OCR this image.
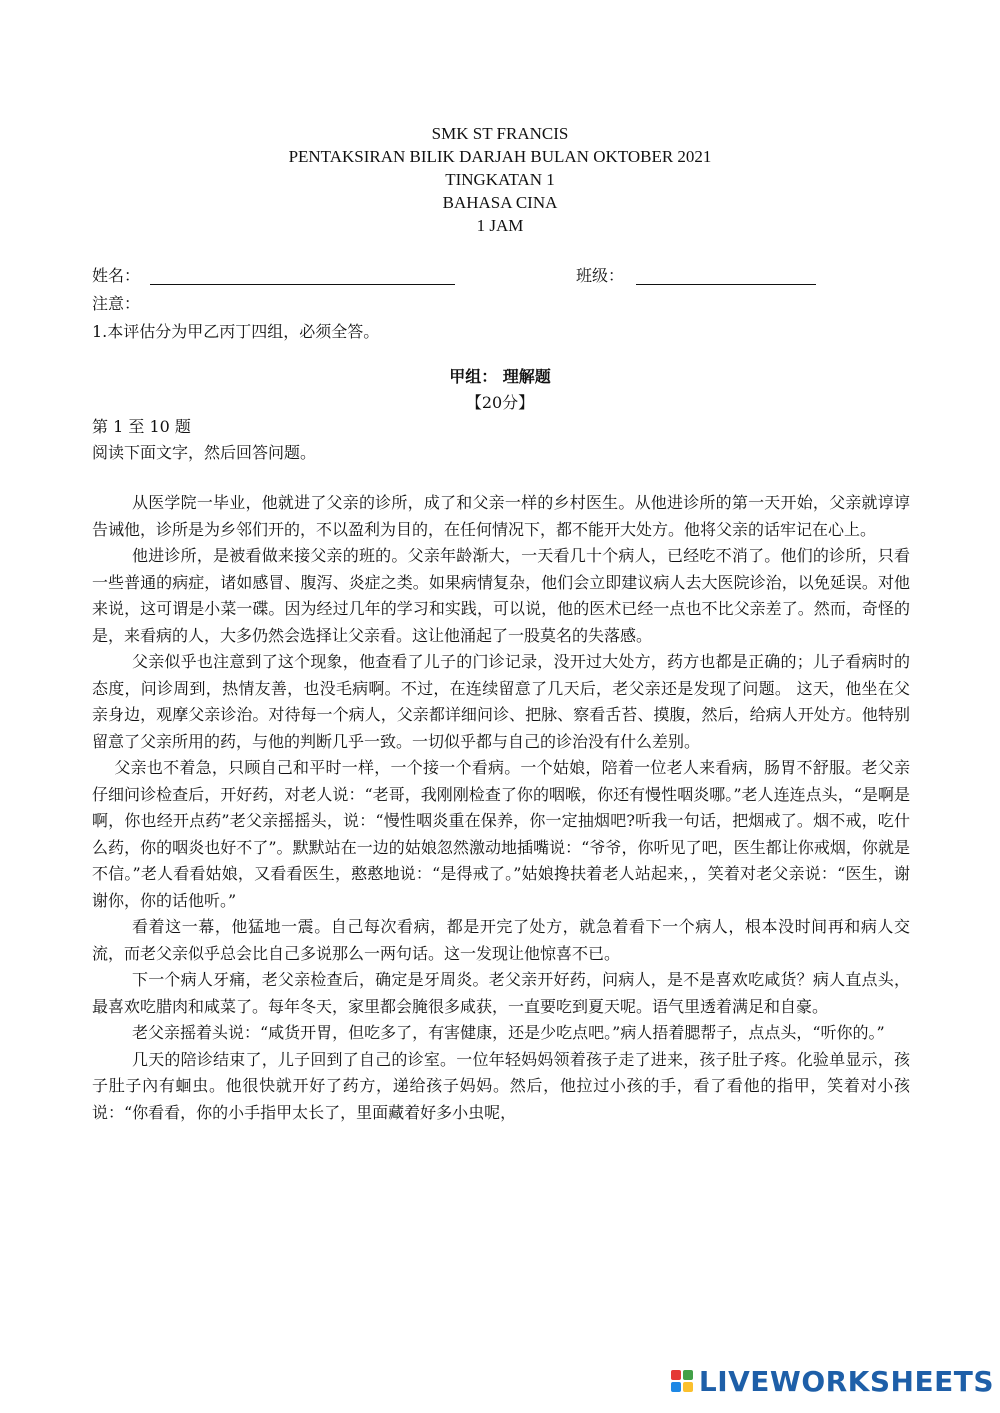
SMK ST FRANCIS
PENTAKSIRAN BILIK DARJAH BULAN OKTOBER 2021
TINGKATAN 1
BAHASA CINA
1 JAM
姓名：	班级：
注意：
1.本评估分为甲乙丙丁四组，必须全答。
甲组： 理解题
【20分】
第 1 至 10 题
阅读下面文字，然后回答问题。

从医学院一毕业，他就进了父亲的诊所，成了和父亲一样的乡村医生。从他进诊所的第一天开始，父亲就谆谆告诫他，诊所是为乡邻们开的，不以盈利为目的，在任何情况下，都不能开大处方。他将父亲的话牢记在心上。

他进诊所，是被看做来接父亲的班的。父亲年龄渐大，一天看几十个病人，已经吃不消了。他们的诊所，只看一些普通的病症，诸如感冒、腹泻、炎症之类。如果病情复杂，他们会立即建议病人去大医院诊治，以免延误。对他来说，这可谓是小菜一碟。因为经过几年的学习和实践，可以说，他的医术已经一点也不比父亲差了。然而，奇怪的是，来看病的人，大多仍然会选择让父亲看。这让他涌起了一股莫名的失落感。

父亲似乎也注意到了这个现象，他查看了儿子的门诊记录，没开过大处方，药方也都是正确的；儿子看病时的态度，问诊周到，热情友善，也没毛病啊。不过，在连续留意了几天后，老父亲还是发现了问题。 这天，他坐在父亲身边，观摩父亲诊治。对待每一个病人，父亲都详细问诊、把脉、察看舌苔、摸腹，然后，给病人开处方。他特别留意了父亲所用的药，与他的判断几乎一致。一切似乎都与自己的诊治没有什么差别。

父亲也不着急，只顾自己和平时一样，一个接一个看病。一个姑娘，陪着一位老人来看病，肠胃不舒服。老父亲仔细问诊检查后，开好药，对老人说：“老哥，我刚刚检查了你的咽喉，你还有慢性咽炎哪。”老人连连点头，“是啊是啊，你也经开点药”老父亲摇摇头，说：“慢性咽炎重在保养，你一定抽烟吧?听我一句话，把烟戒了。烟不戒，吃什么药，你的咽炎也好不了”。默默站在一边的姑娘忽然激动地插嘴说：“爷爷，你听见了吧，医生都让你戒烟，你就是不信。”老人看看姑娘，又看看医生，憨憨地说：“是得戒了。”姑娘搀扶着老人站起来，，笑着对老父亲说：“医生，谢谢你，你的话他听。”

看着这一幕，他猛地一震。自己每次看病，都是开完了处方，就急着看下一个病人，根本没时间再和病人交流，而老父亲似乎总会比自己多说那么一两句话。这一发现让他惊喜不已。

下一个病人牙痛，老父亲检查后，确定是牙周炎。老父亲开好药，问病人，是不是喜欢吃咸货？病人直点头，最喜欢吃腊肉和咸菜了。每年冬天，家里都会腌很多咸获，一直要吃到夏天呢。语气里透着满足和自豪。

老父亲摇着头说：“咸货开胃，但吃多了，有害健康，还是少吃点吧。”病人捂着腮帮子，点点头，“听你的。”

几天的陪诊结束了，儿子回到了自己的诊室。一位年轻妈妈领着孩子走了进来，孩子肚子疼。化验单显示，孩子肚子內有蛔虫。他很快就开好了药方，递给孩子妈妈。然后，他拉过小孩的手，看了看他的指甲，笑着对小孩说：“你看看，你的小手指甲太长了，里面藏着好多小虫呢，

LIVEWORKSHEETS
